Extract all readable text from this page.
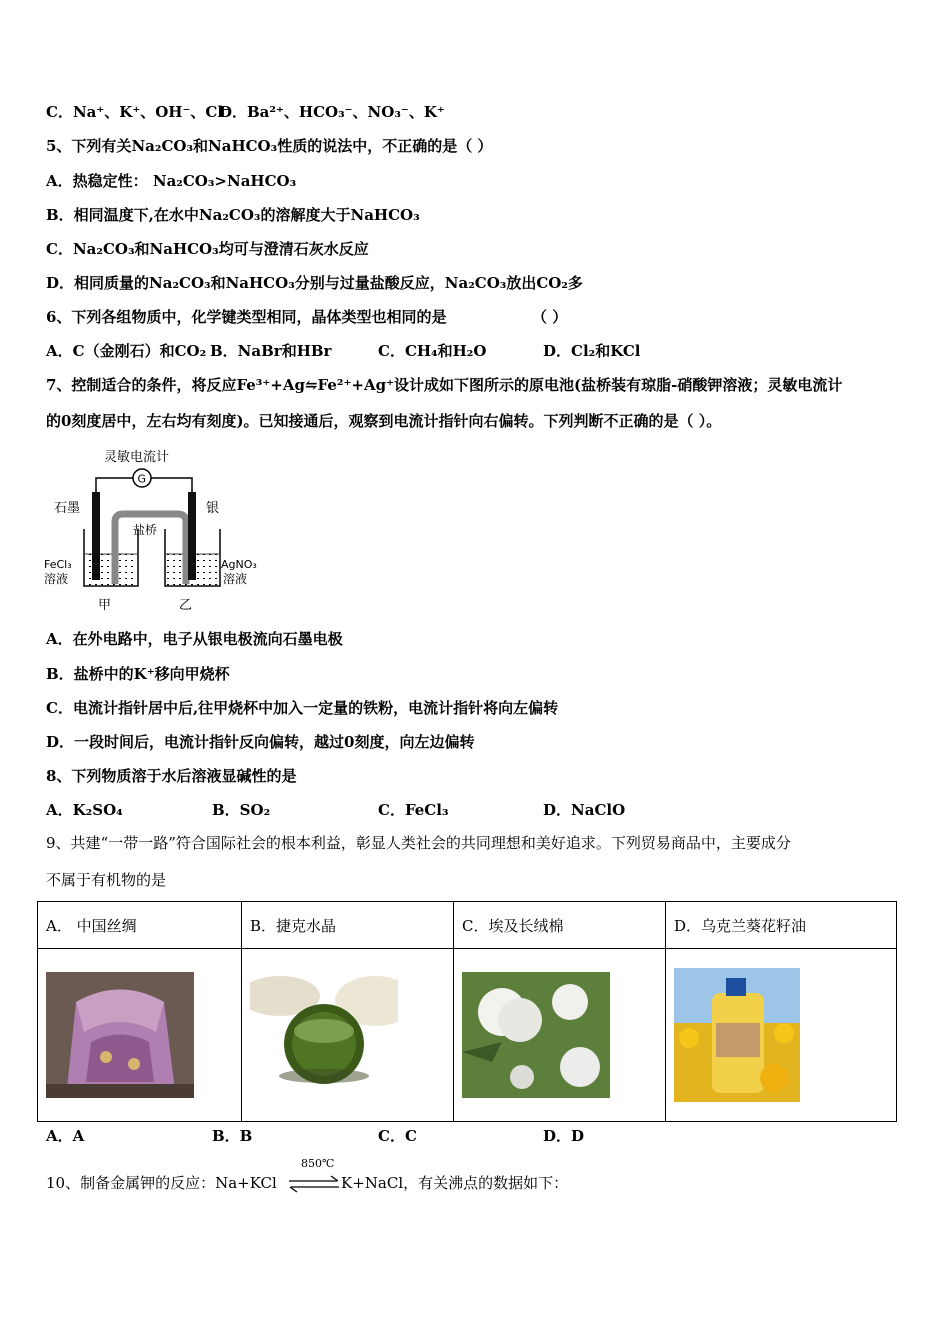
C．Na⁺、K⁺、OH⁻、Cl⁻
D．Ba²⁺、HCO₃⁻、NO₃⁻、K⁺
5、下列有关Na₂CO₃和NaHCO₃性质的说法中，不正确的是（ ）
A．热稳定性： Na₂CO₃>NaHCO₃
B．相同温度下,在水中Na₂CO₃的溶解度大于NaHCO₃
C．Na₂CO₃和NaHCO₃均可与澄清石灰水反应
D．相同质量的Na₂CO₃和NaHCO₃分别与过量盐酸反应，Na₂CO₃放出CO₂多
6、下列各组物质中，化学键类型相同，晶体类型也相同的是	（ ）
A．C（金刚石）和CO₂ B．NaBr和HBr	C．CH₄和H₂O	D．Cl₂和KCl
7、控制适合的条件，将反应Fe³⁺+Ag⇋Fe²⁺+Ag⁺设计成如下图所示的原电池(盐桥装有琼脂-硝酸钾溶液；灵敏电流计
的0刻度居中，左右均有刻度)。已知接通后，观察到电流计指针向右偏转。下列判断不正确的是（ ）。
灵敏电流计
G
石墨	银
盐桥
FeCl₃
溶液
AgNO₃
溶液
甲	乙
A．在外电路中，电子从银电极流向石墨电极
B．盐桥中的K⁺移向甲烧杯
C．电流计指针居中后,往甲烧杯中加入一定量的铁粉，电流计指针将向左偏转
D．一段时间后，电流计指针反向偏转，越过0刻度，向左边偏转
8、下列物质溶于水后溶液显碱性的是
A．K₂SO₄	B．SO₂	C．FeCl₃	D．NaClO
9、共建“一带一路”符合国际社会的根本利益，彰显人类社会的共同理想和美好追求。下列贸易商品中，主要成分
不属于有机物的是
A． 中国丝绸	B．捷克水晶	C．埃及长绒棉	D．乌克兰葵花籽油

A．A	B．B	C．C	D．D
10、制备金属钾的反应：Na+KCl
850℃
⇌ K+NaCl，有关沸点的数据如下：
